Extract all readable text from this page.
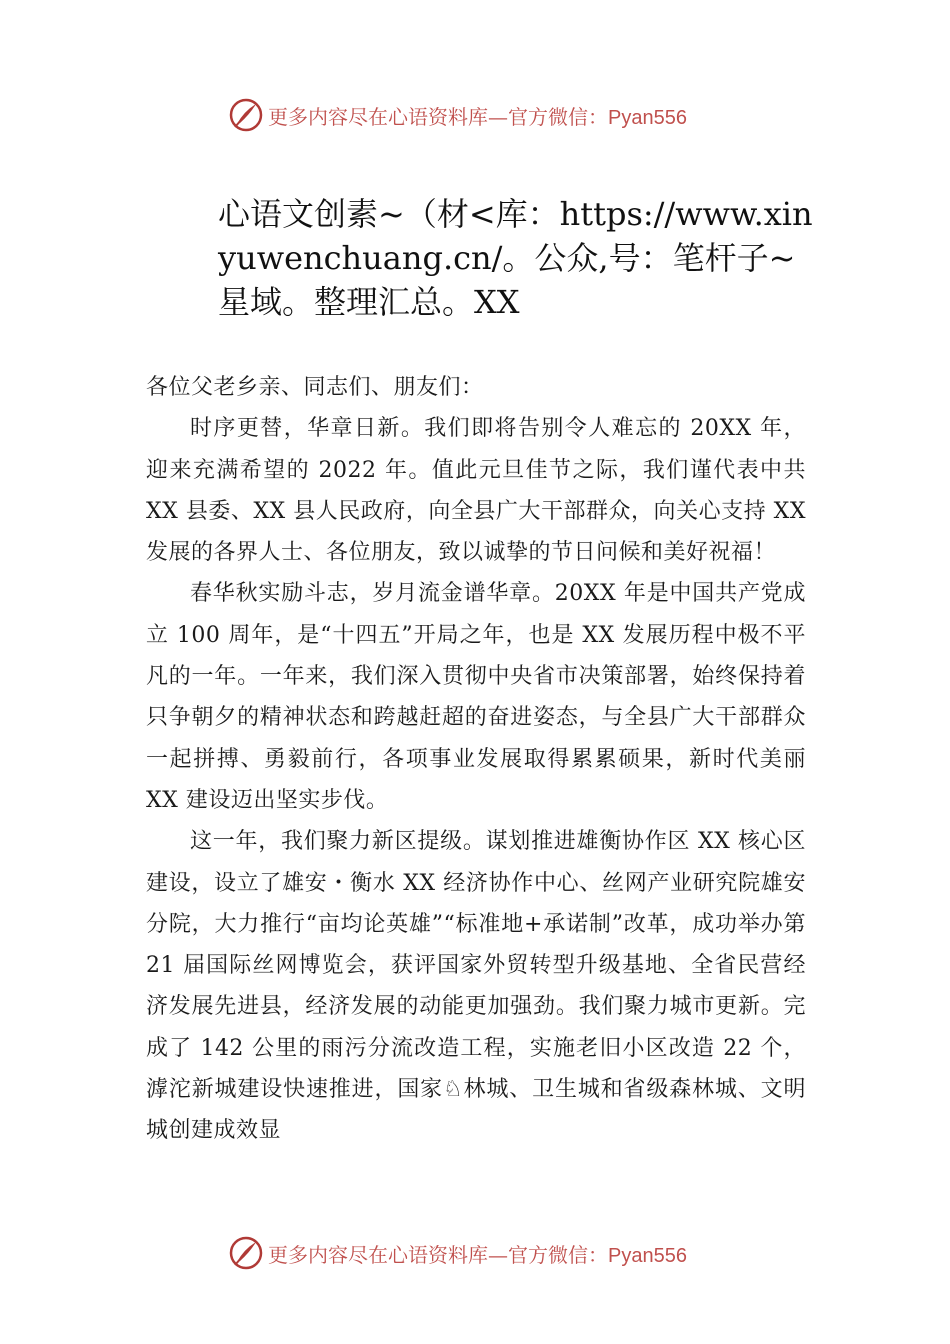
更多内容尽在心语资料库—官方微信：Pyan556
心语文创素~（材<库：https://www.xinyuwenchuang.cn/。公众,号：笔杆子~星域。整理汇总。XX

各位父老乡亲、同志们、朋友们：

时序更替，华章日新。我们即将告别令人难忘的 20XX 年，迎来充满希望的 2022 年。值此元旦佳节之际，我们谨代表中共 XX 县委、XX 县人民政府，向全县广大干部群众，向关心支持 XX 发展的各界人士、各位朋友，致以诚挚的节日问候和美好祝福！

春华秋实励斗志，岁月流金谱华章。20XX 年是中国共产党成立 100 周年，是“十四五”开局之年，也是 XX 发展历程中极不平凡的一年。一年来，我们深入贯彻中央省市决策部署，始终保持着只争朝夕的精神状态和跨越赶超的奋进姿态，与全县广大干部群众一起拼搏、勇毅前行，各项事业发展取得累累硕果，新时代美丽 XX 建设迈出坚实步伐。

这一年，我们聚力新区提级。谋划推进雄衡协作区 XX 核心区建设，设立了雄安・衡水 XX 经济协作中心、丝网产业研究院雄安分院，大力推行“亩均论英雄”“标准地+承诺制”改革，成功举办第 21 届国际丝网博览会，获评国家外贸转型升级基地、全省民营经济发展先进县，经济发展的动能更加强劲。我们聚力城市更新。完成了 142 公里的雨污分流改造工程，实施老旧小区改造 22 个，滹沱新城建设快速推进，国家♘林城、卫生城和省级森林城、文明城创建成效显

更多内容尽在心语资料库—官方微信：Pyan556
